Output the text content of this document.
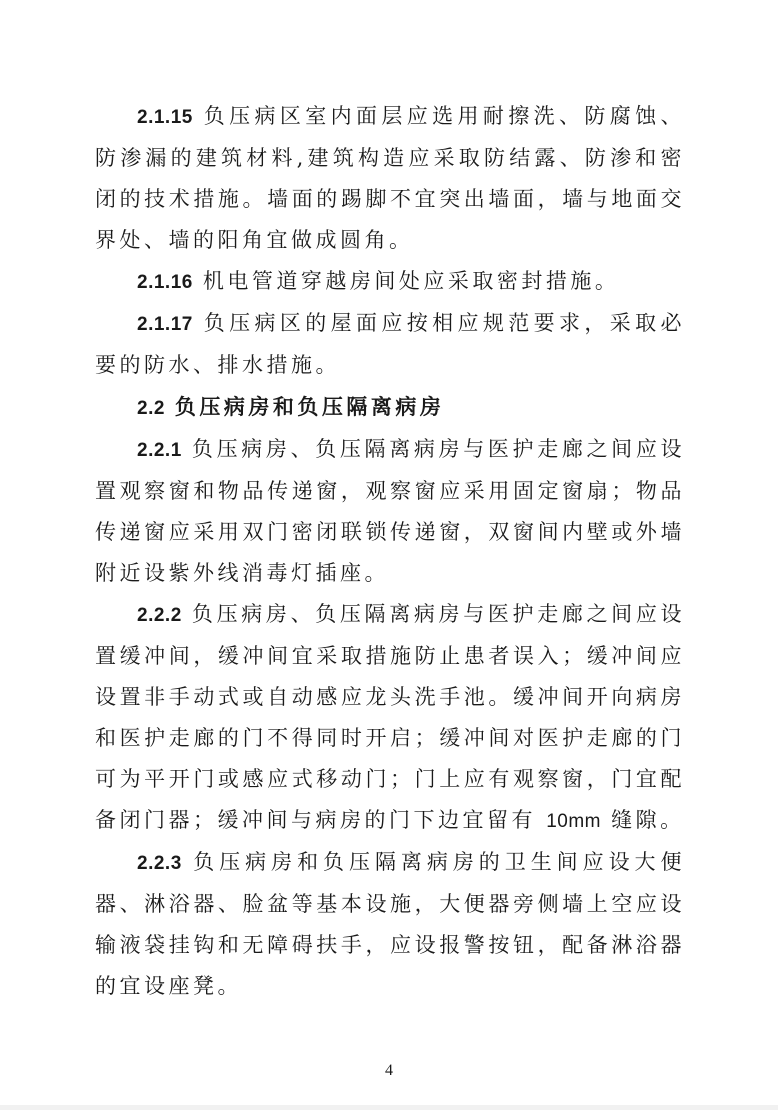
2.1.15 负压病区室内面层应选用耐擦洗、防腐蚀、防渗漏的建筑材料,建筑构造应采取防结露、防渗和密闭的技术措施。墙面的踢脚不宜突出墙面，墙与地面交界处、墙的阳角宜做成圆角。

2.1.16 机电管道穿越房间处应采取密封措施。

2.1.17 负压病区的屋面应按相应规范要求，采取必要的防水、排水措施。

2.2 负压病房和负压隔离病房

2.2.1 负压病房、负压隔离病房与医护走廊之间应设置观察窗和物品传递窗，观察窗应采用固定窗扇；物品传递窗应采用双门密闭联锁传递窗，双窗间内壁或外墙附近设紫外线消毒灯插座。

2.2.2 负压病房、负压隔离病房与医护走廊之间应设置缓冲间，缓冲间宜采取措施防止患者误入；缓冲间应设置非手动式或自动感应龙头洗手池。缓冲间开向病房和医护走廊的门不得同时开启；缓冲间对医护走廊的门可为平开门或感应式移动门；门上应有观察窗，门宜配备闭门器；缓冲间与病房的门下边宜留有 10mm 缝隙。

2.2.3 负压病房和负压隔离病房的卫生间应设大便器、淋浴器、脸盆等基本设施，大便器旁侧墙上空应设输液袋挂钩和无障碍扶手，应设报警按钮，配备淋浴器的宜设座凳。

4
